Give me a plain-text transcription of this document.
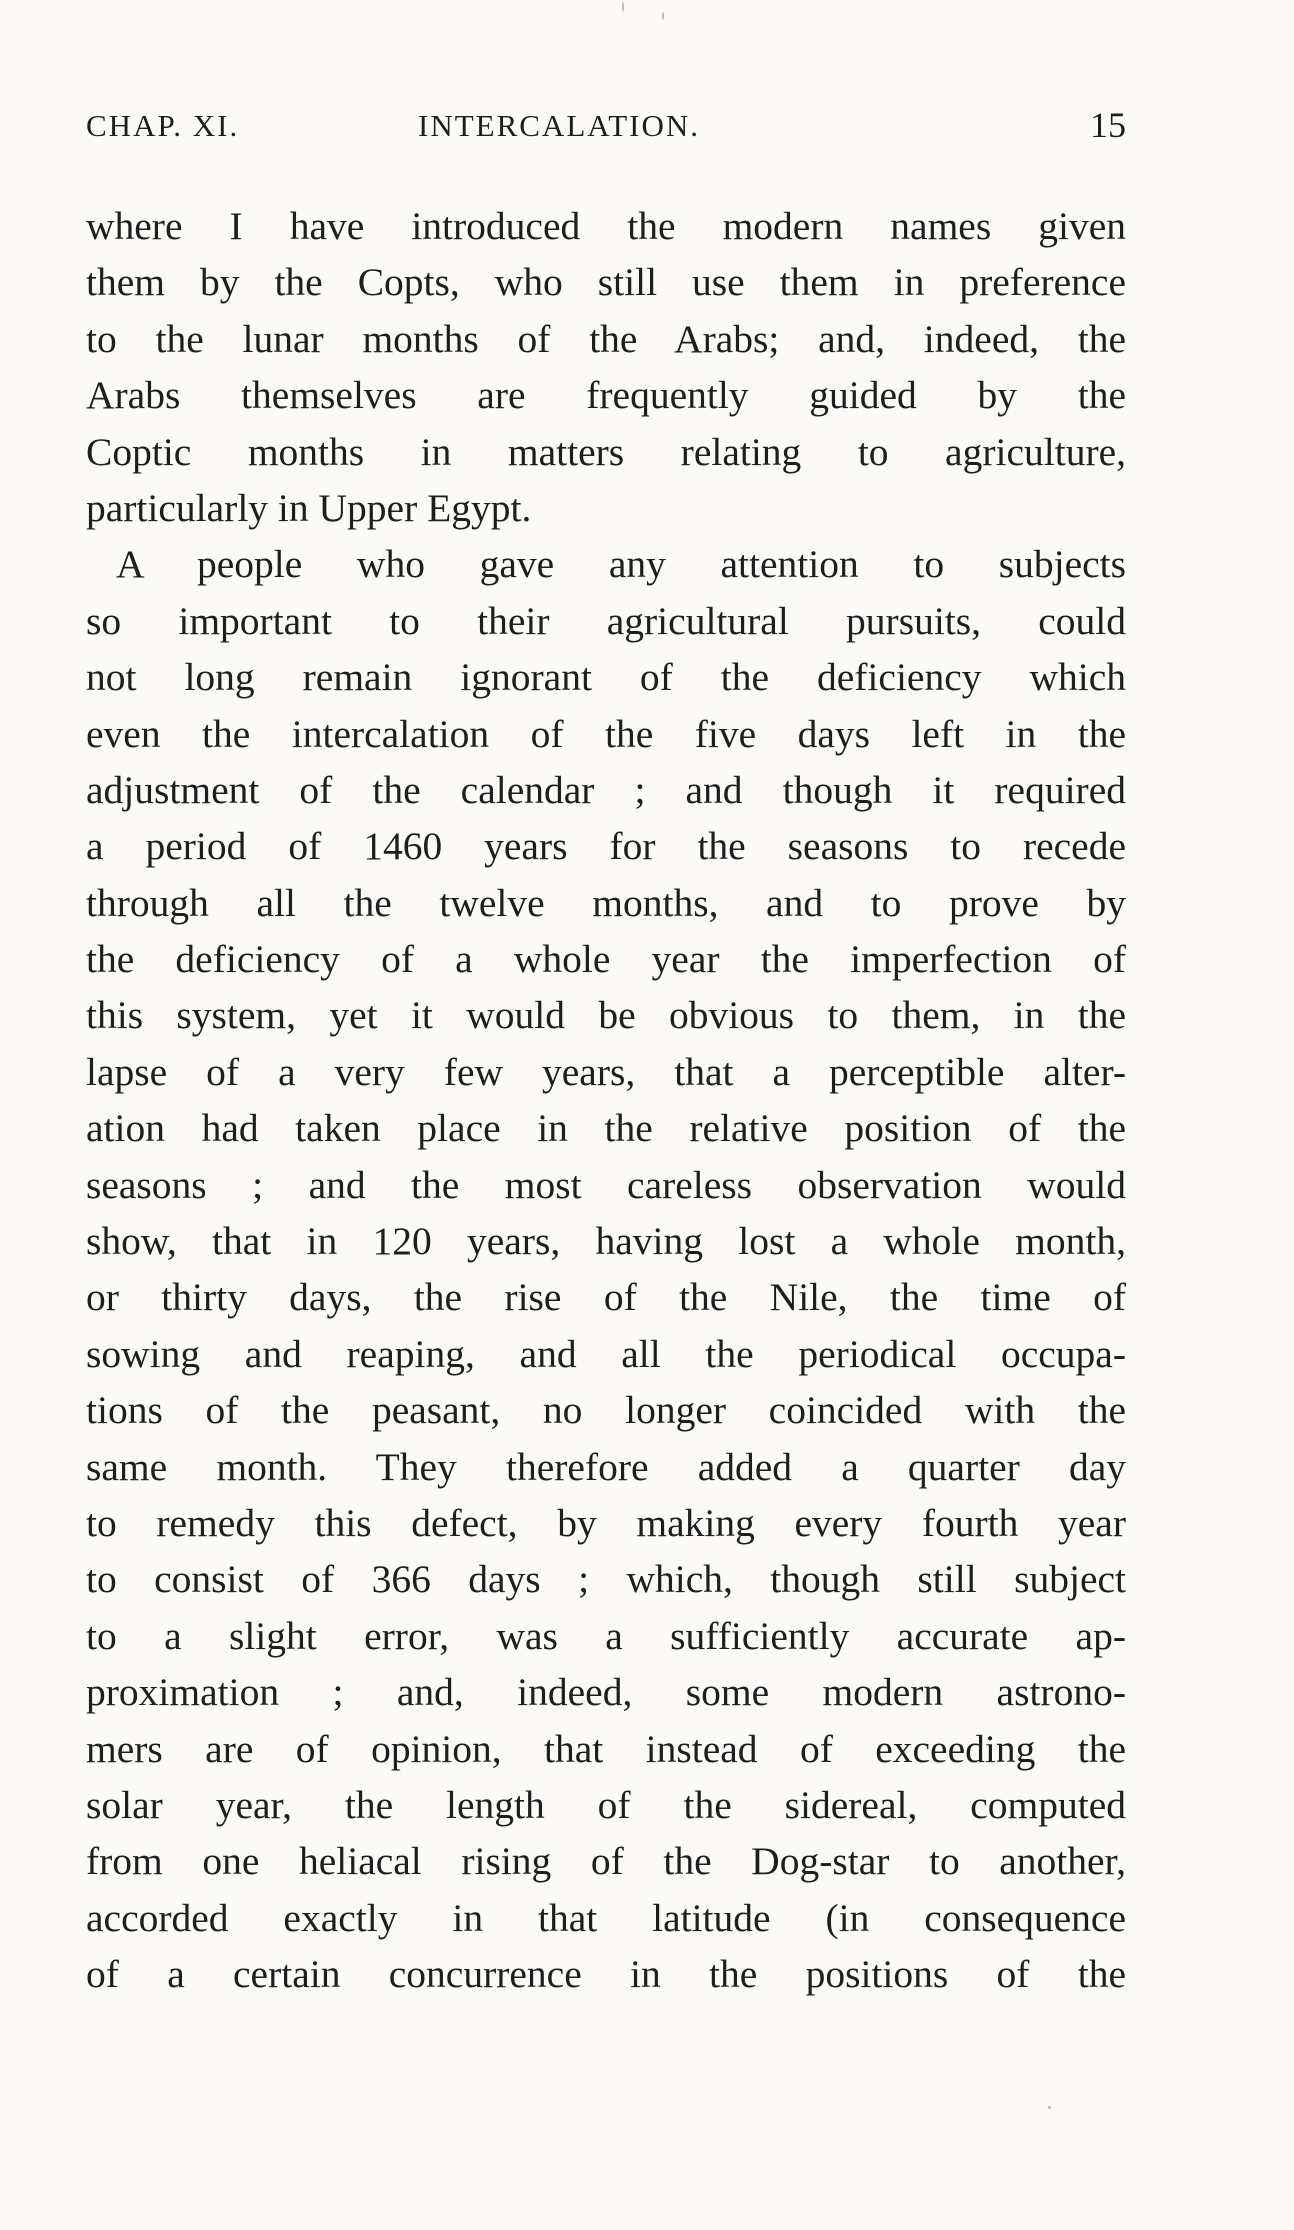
CHAP. XI.	INTERCALATION.	15
where I have introduced the modern names given
them by the Copts, who still use them in preference
to the lunar months of the Arabs; and, indeed, the
Arabs themselves are frequently guided by the
Coptic months in matters relating to agriculture,
particularly in Upper Egypt.
A people who gave any attention to subjects
so important to their agricultural pursuits, could
not long remain ignorant of the deficiency which
even the intercalation of the five days left in the
adjustment of the calendar ; and though it required
a period of 1460 years for the seasons to recede
through all the twelve months, and to prove by
the deficiency of a whole year the imperfection of
this system, yet it would be obvious to them, in the
lapse of a very few years, that a perceptible alter-
ation had taken place in the relative position of the
seasons ; and the most careless observation would
show, that in 120 years, having lost a whole month,
or thirty days, the rise of the Nile, the time of
sowing and reaping, and all the periodical occupa-
tions of the peasant, no longer coincided with the
same month. They therefore added a quarter day
to remedy this defect, by making every fourth year
to consist of 366 days ; which, though still subject
to a slight error, was a sufficiently accurate ap-
proximation ; and, indeed, some modern astrono-
mers are of opinion, that instead of exceeding the
solar year, the length of the sidereal, computed
from one heliacal rising of the Dog-star to another,
accorded exactly in that latitude (in consequence
of a certain concurrence in the positions of the
